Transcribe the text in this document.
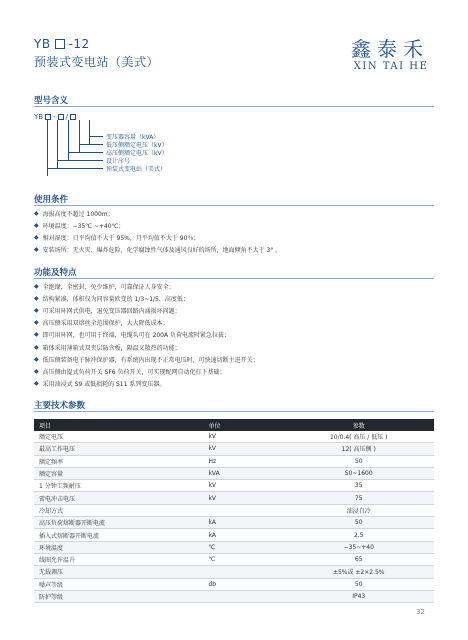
YB -12
预装式变电站（美式）
鑫泰禾
XIN TAI HE
型号含义
YB - /
变压器容量（kVA）
低压侧额定电压（kV）
高压侧额定电压（kV）
设计序号
预装式变电站（美式）
使用条件
◆ 海拔高度不超过 1000m；
◆ 环境温度：−35℃ ~+40℃；
◆ 相对湿度：日平均值不大于 95%，月平均值不大于 90％；
◆ 安装场所：无火灾、爆炸危险，化学腐蚀性气体及通风良好的场所，地面倾角不大于 3° 。
功能及特点
◆ 全绝缘，全密封，免少维护，可靠保证人身安全；
◆ 结构紧凑，体积仅为同容量欧变的 1/3~1/5，高度低；
◆ 可采用环网式供电，退免变压器回路内涌损坏问题；
◆ 高压侧采用双熔丝全范围保护，大大降低成本；
◆ 即可用环网，也可用于终端，电缆头可在 200A 负荷电流时紧急拉拔；
◆ 箱体采用薄箱式双夹层防含板，隔温又散热的功能；
◆ 低压侧装备电子脉冲保护器，有系统内出现不正常电压时，可快速切断主进开关；
◆ 高压侧由提式负荷开关 SF6 负荷开关，可实现配网自动化打下基础；
◆ 采用油浸式 S9 或低损耗的 S11 系列变压器。
主要技术参数
项目	单位	参数
额定电压	kV	10/0.4( 高压 / 低压 )
最高工作电压	kV	12( 高压侧 )
额定频率	Hz	50
额定容量	kVA	50~1600
1 分钟工频耐压	kV	35
雷电冲击电压	kV	75
冷却方式		油浸自冷
高压负荷熔断器开断电流	kA	50
插入式熔断器开断电流	kA	2.5
环境温度	℃	−35~+40
线圈允许温升	℃	65
无载调压		±5%或 ±2×2.5%
噪声等级	db	50
防护等级		IP43
32
